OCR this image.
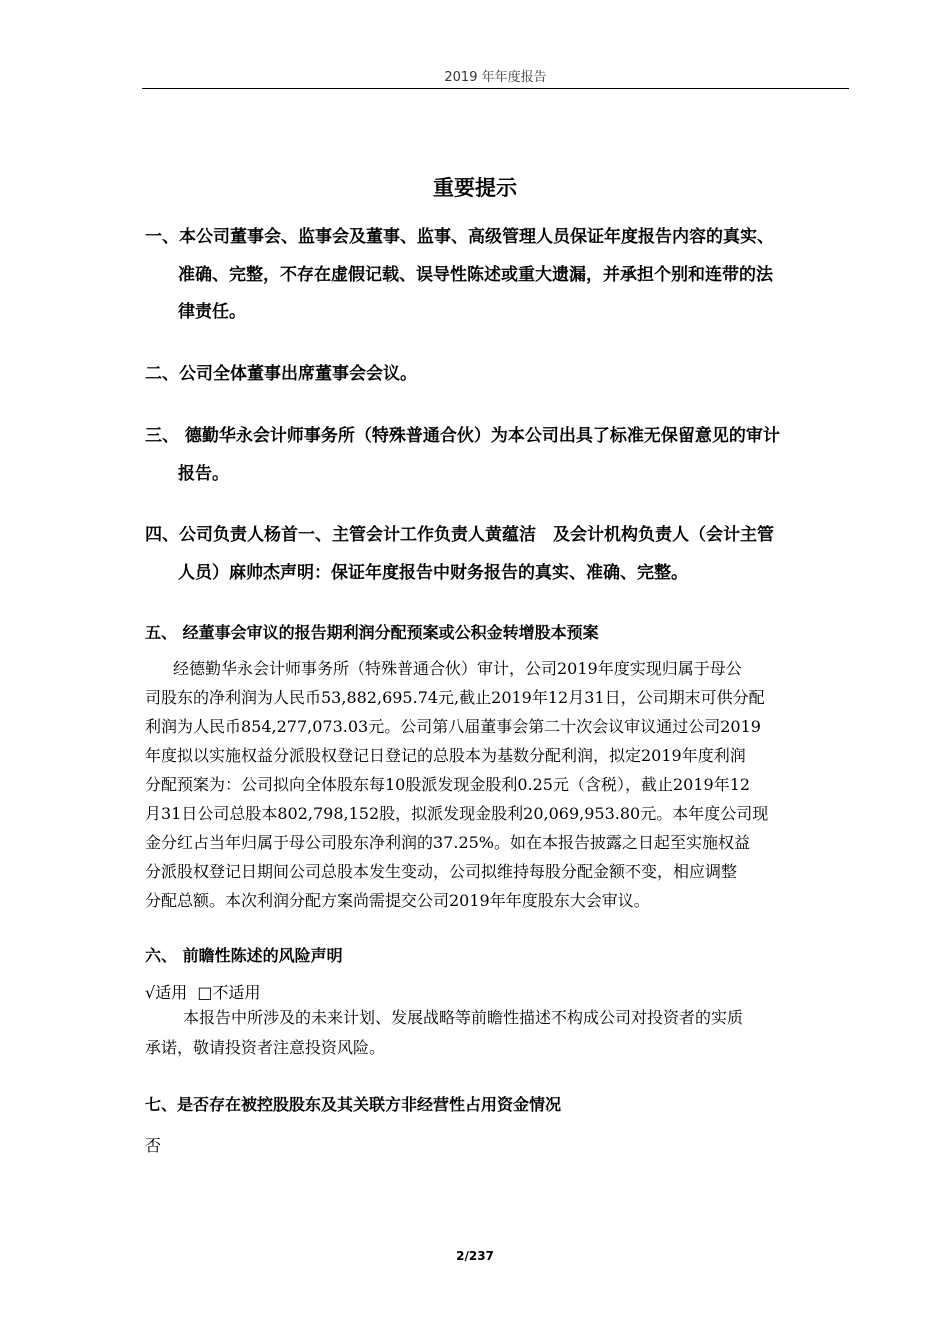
2019 年年度报告
重要提示
一、本公司董事会、监事会及董事、监事、高级管理人员保证年度报告内容的真实、
准确、完整，不存在虚假记载、误导性陈述或重大遗漏，并承担个别和连带的法
律责任。
二、公司全体董事出席董事会会议。
三、 德勤华永会计师事务所（特殊普通合伙）为本公司出具了标准无保留意见的审计
报告。
四、公司负责人杨首一、主管会计工作负责人黄蕴洁　及会计机构负责人（会计主管
人员）麻帅杰声明：保证年度报告中财务报告的真实、准确、完整。
五、 经董事会审议的报告期利润分配预案或公积金转增股本预案
经德勤华永会计师事务所（特殊普通合伙）审计，公司2019年度实现归属于母公
司股东的净利润为人民币53,882,695.74元,截止2019年12月31日，公司期末可供分配
利润为人民币854,277,073.03元。公司第八届董事会第二十次会议审议通过公司2019
年度拟以实施权益分派股权登记日登记的总股本为基数分配利润，拟定2019年度利润
分配预案为：公司拟向全体股东每10股派发现金股利0.25元（含税），截止2019年12
月31日公司总股本802,798,152股，拟派发现金股利20,069,953.80元。本年度公司现
金分红占当年归属于母公司股东净利润的37.25%。如在本报告披露之日起至实施权益
分派股权登记日期间公司总股本发生变动，公司拟维持每股分配金额不变，相应调整
分配总额。本次利润分配方案尚需提交公司2019年年度股东大会审议。
六、 前瞻性陈述的风险声明
√适用 □不适用
本报告中所涉及的未来计划、发展战略等前瞻性描述不构成公司对投资者的实质
承诺，敬请投资者注意投资风险。
七、是否存在被控股股东及其关联方非经营性占用资金情况
否
2/237
